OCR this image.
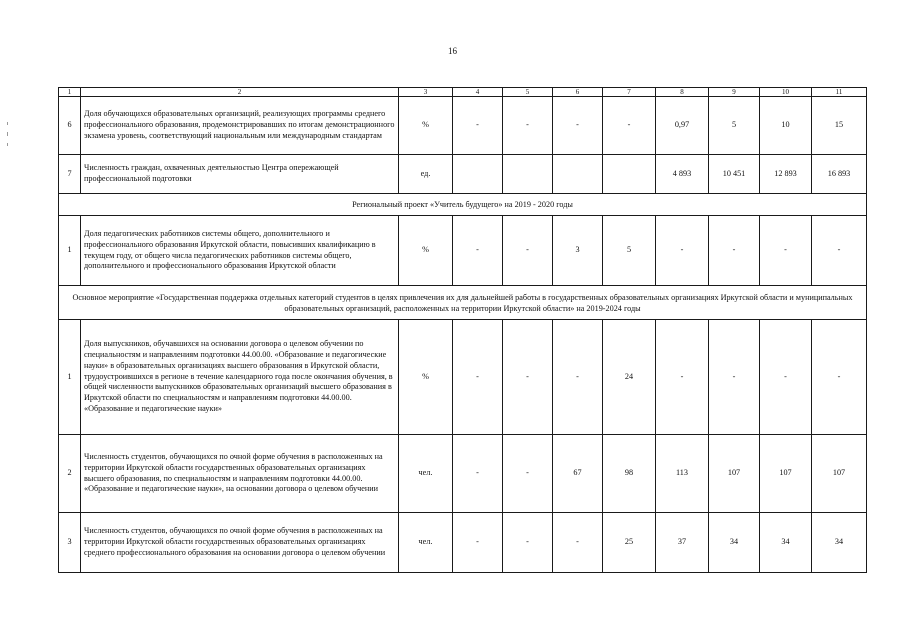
16
1	2	3	4	5	6	7	8	9	10	11
6	Доля обучающихся образовательных организаций, реализующих программы среднего профессионального образования, продемонстрировавших по итогам демонстрационного экзамена уровень, соответствующий национальным или международным стандартам	%	-	-	-	-	0,97	5	10	15
7	Численность граждан, охваченных деятельностью Центра опережающей профессиональной подготовки	ед.					4 893	10 451	12 893	16 893
Региональный проект «Учитель будущего» на 2019 - 2020 годы										
1	Доля педагогических работников системы общего, дополнительного и профессионального образования Иркутской области, повысивших квалификацию в текущем году, от общего числа педагогических работников системы общего, дополнительного и профессионального образования Иркутской области	%	-	-	3	5	-	-	-	-
Основное мероприятие «Государственная поддержка отдельных категорий студентов в целях привлечения их для дальнейшей работы в государственных образовательных организациях Иркутской области и муниципальных образовательных организаций, расположенных на территории Иркутской области» на 2019-2024 годы										
1	Доля выпускников, обучавшихся на основании договора о целевом обучении по специальностям и направлениям подготовки 44.00.00. «Образование и педагогические науки» в образовательных организациях высшего образования в Иркутской области, трудоустроившихся в регионе в течение календарного года после окончания обучения, в общей численности выпускников образовательных организаций высшего образования в Иркутской области по специальностям и направлениям подготовки 44.00.00. «Образование и педагогические науки»	%	-	-	-	24	-	-	-	-
2	Численность студентов, обучающихся по очной форме обучения в расположенных на территории Иркутской области государственных образовательных организациях высшего образования, по специальностям и направлениям подготовки 44.00.00. «Образование и педагогические науки», на основании договора о целевом обучении	чел.	-	-	67	98	113	107	107	107
3	Численность студентов, обучающихся по очной форме обучения в расположенных на территории Иркутской области государственных образовательных организациях среднего профессионального образования на основании договора о целевом обучении	чел.	-	-	-	25	37	34	34	34
